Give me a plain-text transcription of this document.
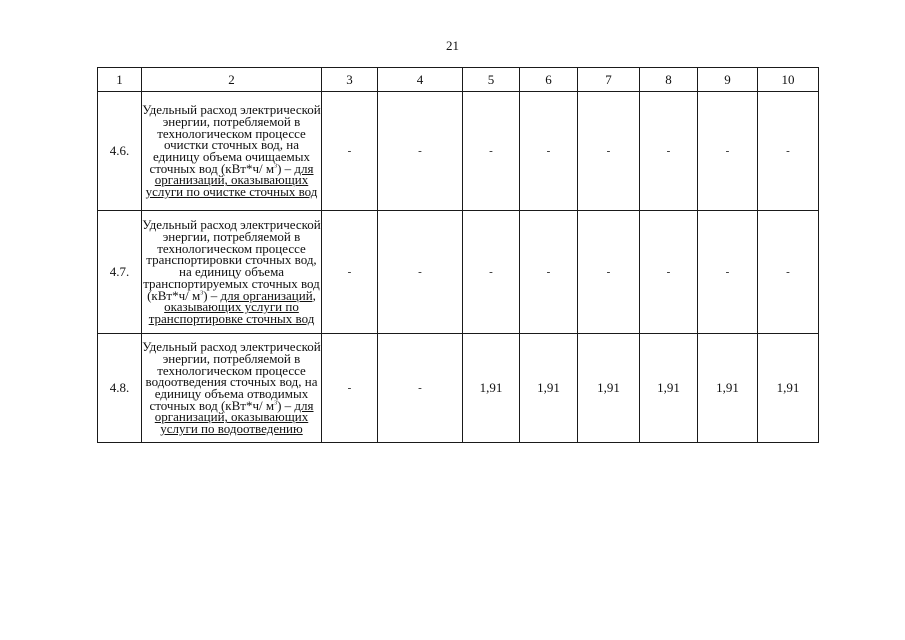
21
1	2	3	4	5	6	7	8	9	10
4.6.	Удельный расход электрической энергии, потребляемой в технологическом процессе очистки сточных вод, на единицу объема очищаемых сточных вод (кВт*ч/ $м^3$) – для организаций, оказывающих услуги по очистке сточных вод	-	-	-	-	-	-	-	-
4.7.	Удельный расход электрической энергии, потребляемой в технологическом процессе транспортировки сточных вод, на единицу объема транспортируемых сточных вод (кВт*ч/ $м^3$) – для организаций, оказывающих услуги по транспортировке сточных вод	-	-	-	-	-	-	-	-
4.8.	Удельный расход электрической энергии, потребляемой в технологическом процессе водоотведения сточных вод, на единицу объема отводимых сточных вод (кВт*ч/ $м^3$) – для организаций, оказывающих услуги по водоотведению	-	-	1,91	1,91	1,91	1,91	1,91	1,91
